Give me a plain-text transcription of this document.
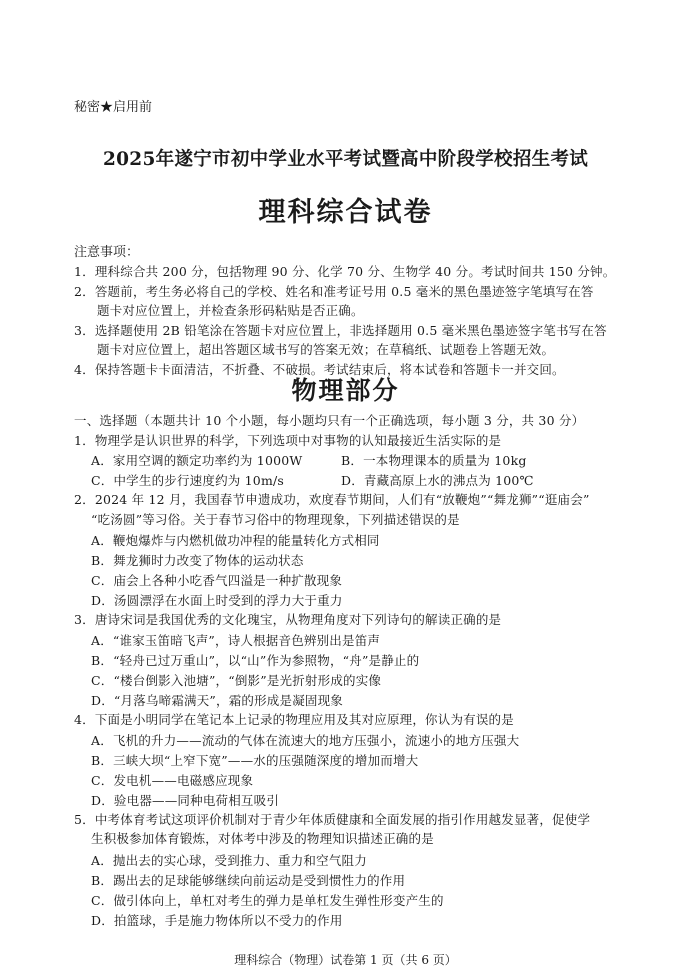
秘密★启用前
2025年遂宁市初中学业水平考试暨高中阶段学校招生考试
理科综合试卷
注意事项：
1．理科综合共 200 分，包括物理 90 分、化学 70 分、生物学 40 分。考试时间共 150 分钟。
2．答题前，考生务必将自己的学校、姓名和准考证号用 0.5 毫米的黑色墨迹签字笔填写在答
题卡对应位置上，并检查条形码粘贴是否正确。
3．选择题使用 2B 铅笔涂在答题卡对应位置上，非选择题用 0.5 毫米黑色墨迹签字笔书写在答
题卡对应位置上，超出答题区域书写的答案无效；在草稿纸、试题卷上答题无效。
4．保持答题卡卡面清洁，不折叠、不破损。考试结束后，将本试卷和答题卡一并交回。
物理部分
一、选择题（本题共计 10 个小题，每小题均只有一个正确选项，每小题 3 分，共 30 分）
1．物理学是认识世界的科学，下列选项中对事物的认知最接近生活实际的是
A．家用空调的额定功率约为 1000W	B．一本物理课本的质量为 10kg
C．中学生的步行速度约为 10m/s	D．青藏高原上水的沸点为 100℃
2．2024 年 12 月，我国春节申遗成功，欢度春节期间，人们有“放鞭炮”“舞龙狮”“逛庙会”
“吃汤圆”等习俗。关于春节习俗中的物理现象，下列描述错误的是
A．鞭炮爆炸与内燃机做功冲程的能量转化方式相同
B．舞龙狮时力改变了物体的运动状态
C．庙会上各种小吃香气四溢是一种扩散现象
D．汤圆漂浮在水面上时受到的浮力大于重力
3．唐诗宋词是我国优秀的文化瑰宝，从物理角度对下列诗句的解读正确的是
A．“谁家玉笛暗飞声”，诗人根据音色辨别出是笛声
B．“轻舟已过万重山”，以“山”作为参照物，“舟”是静止的
C．“楼台倒影入池塘”，“倒影”是光折射形成的实像
D．“月落乌啼霜满天”，霜的形成是凝固现象
4．下面是小明同学在笔记本上记录的物理应用及其对应原理，你认为有误的是
A．飞机的升力——流动的气体在流速大的地方压强小，流速小的地方压强大
B．三峡大坝“上窄下宽”——水的压强随深度的增加而增大
C．发电机——电磁感应现象
D．验电器——同种电荷相互吸引
5．中考体育考试这项评价机制对于青少年体质健康和全面发展的指引作用越发显著，促使学
生积极参加体育锻炼，对体考中涉及的物理知识描述正确的是
A．抛出去的实心球，受到推力、重力和空气阻力
B．踢出去的足球能够继续向前运动是受到惯性力的作用
C．做引体向上，单杠对考生的弹力是单杠发生弹性形变产生的
D．拍篮球，手是施力物体所以不受力的作用
理科综合（物理）试卷第 1 页（共 6 页）
